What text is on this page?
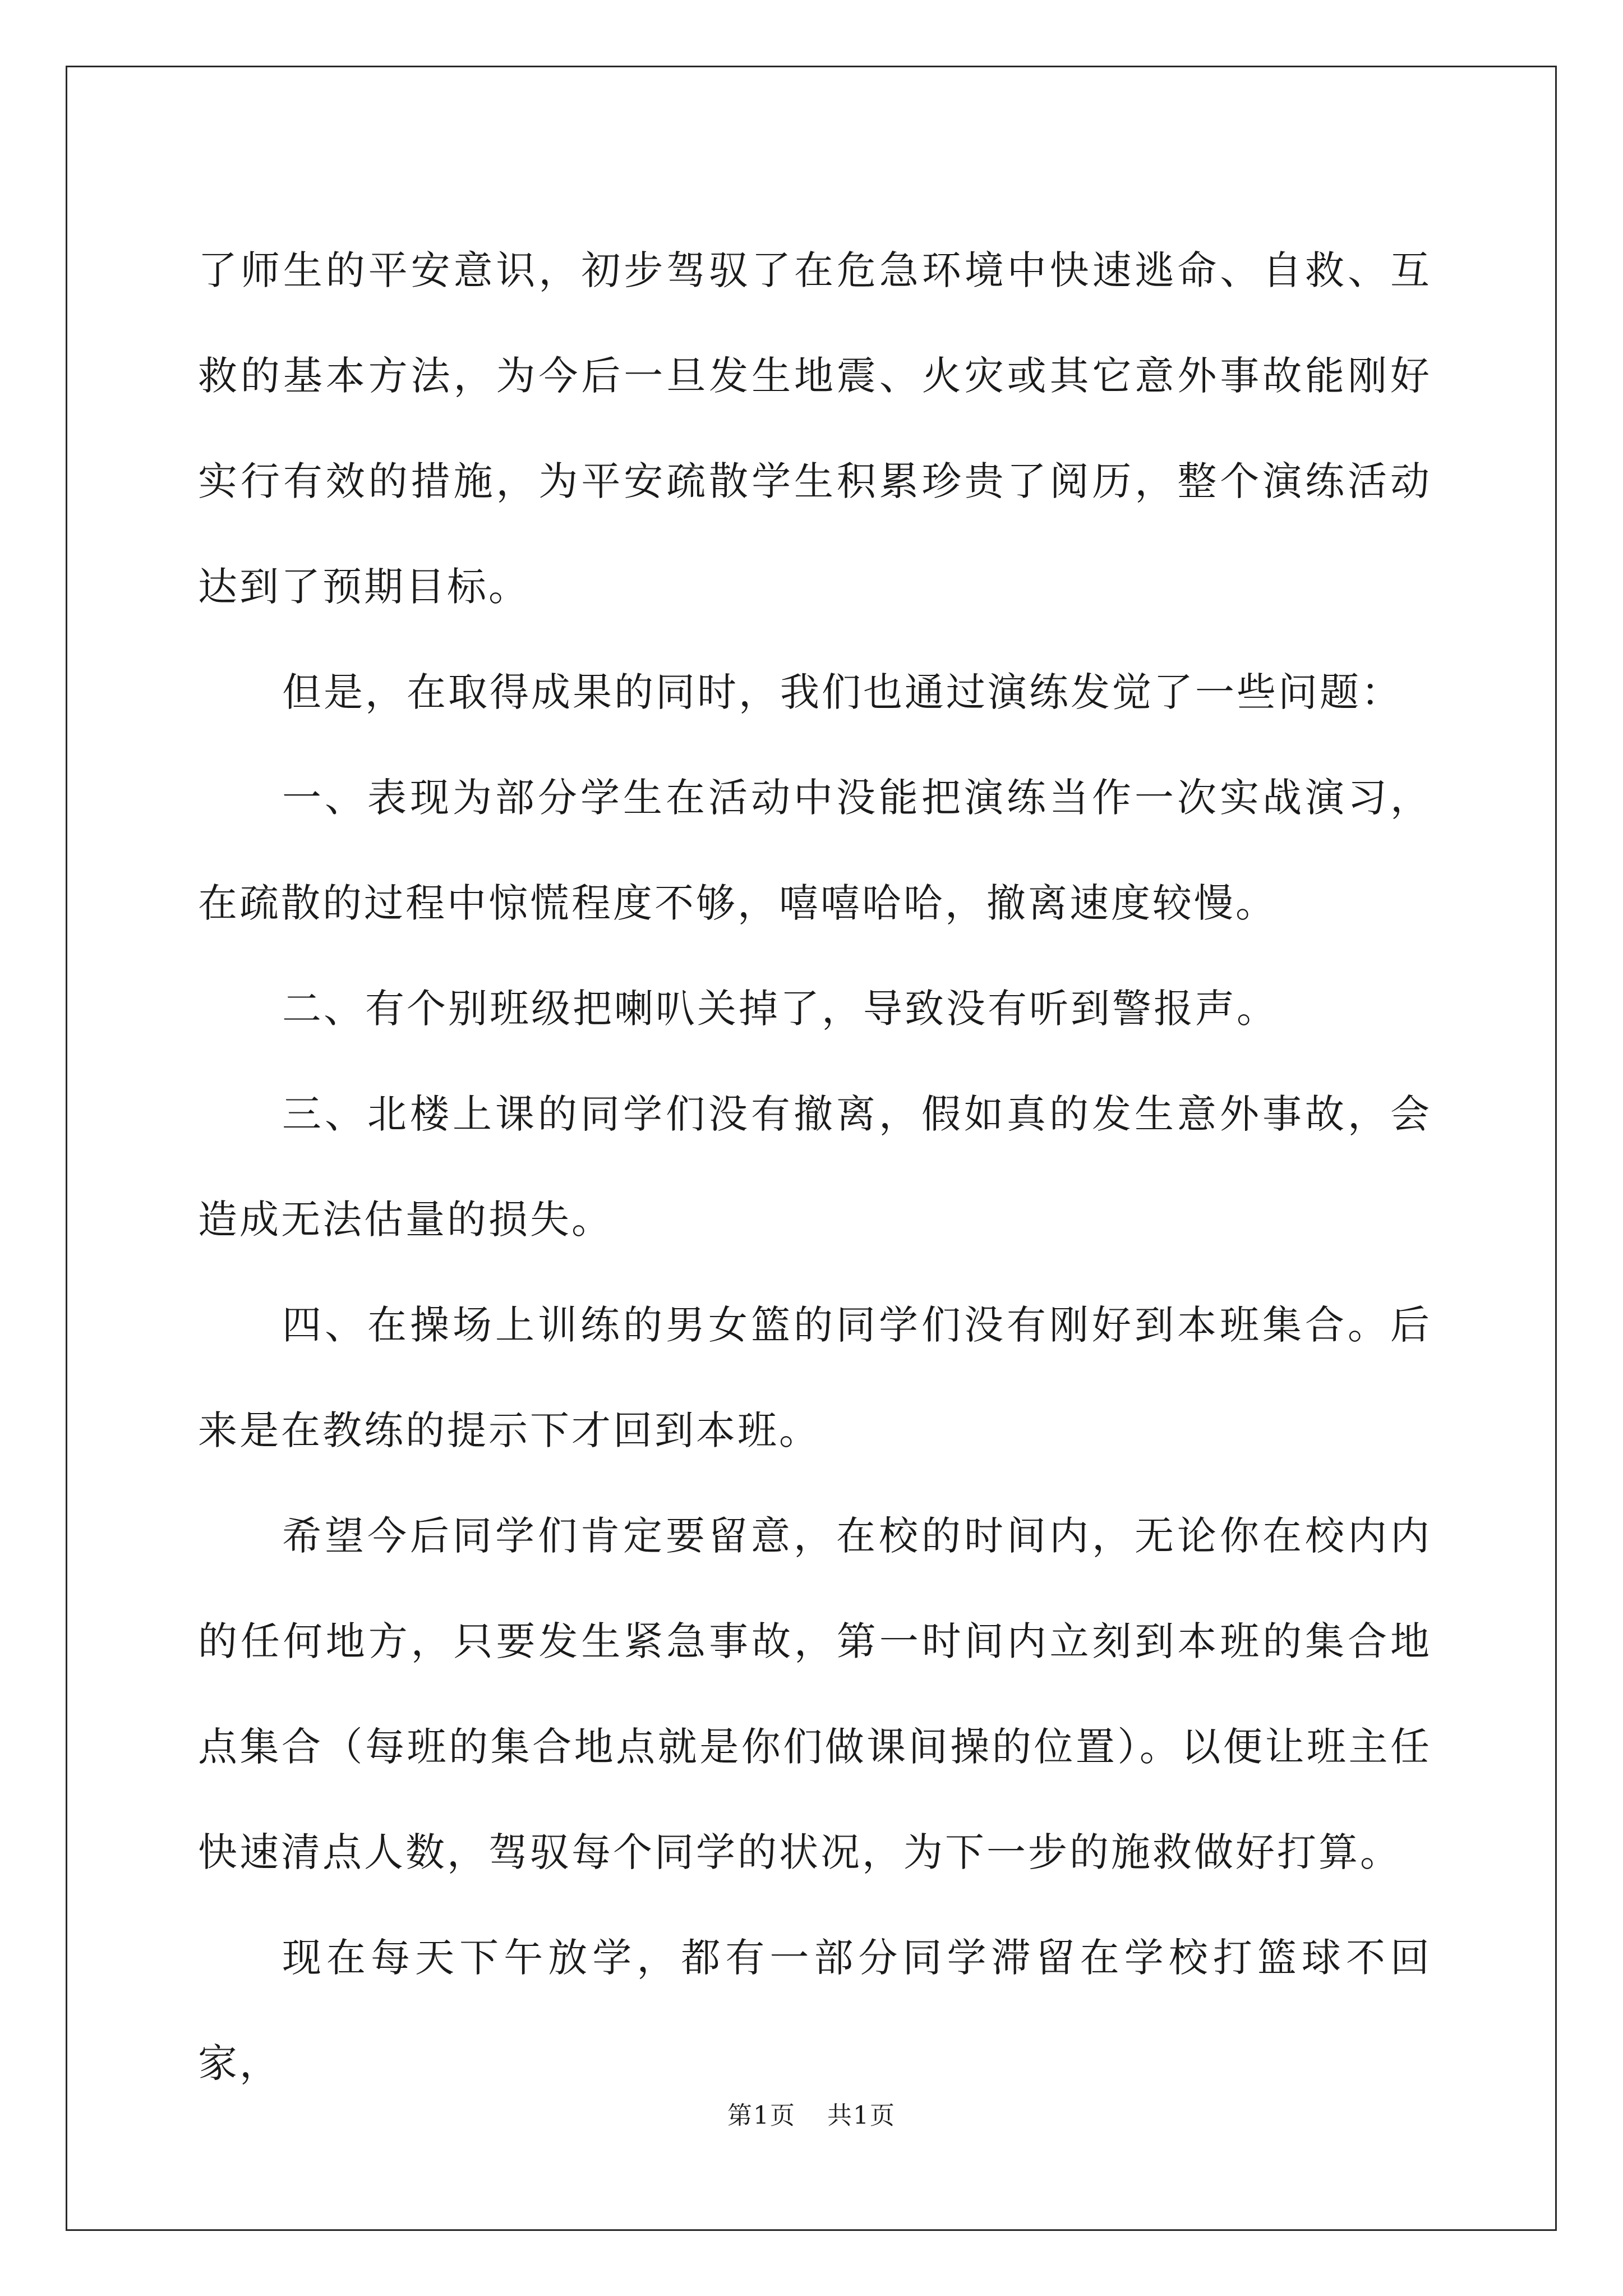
了师生的平安意识，初步驾驭了在危急环境中快速逃命、自救、互救的基本方法，为今后一旦发生地震、火灾或其它意外事故能刚好实行有效的措施，为平安疏散学生积累珍贵了阅历，整个演练活动达到了预期目标。

但是，在取得成果的同时，我们也通过演练发觉了一些问题：

一、表现为部分学生在活动中没能把演练当作一次实战演习，在疏散的过程中惊慌程度不够，嘻嘻哈哈，撤离速度较慢。

二、有个别班级把喇叭关掉了，导致没有听到警报声。

三、北楼上课的同学们没有撤离，假如真的发生意外事故，会造成无法估量的损失。

四、在操场上训练的男女篮的同学们没有刚好到本班集合。后来是在教练的提示下才回到本班。

希望今后同学们肯定要留意，在校的时间内，无论你在校内内的任何地方，只要发生紧急事故，第一时间内立刻到本班的集合地点集合（每班的集合地点就是你们做课间操的位置）。以便让班主任快速清点人数，驾驭每个同学的状况，为下一步的施救做好打算。

现在每天下午放学，都有一部分同学滞留在学校打篮球不回家，

第1页 共1页
